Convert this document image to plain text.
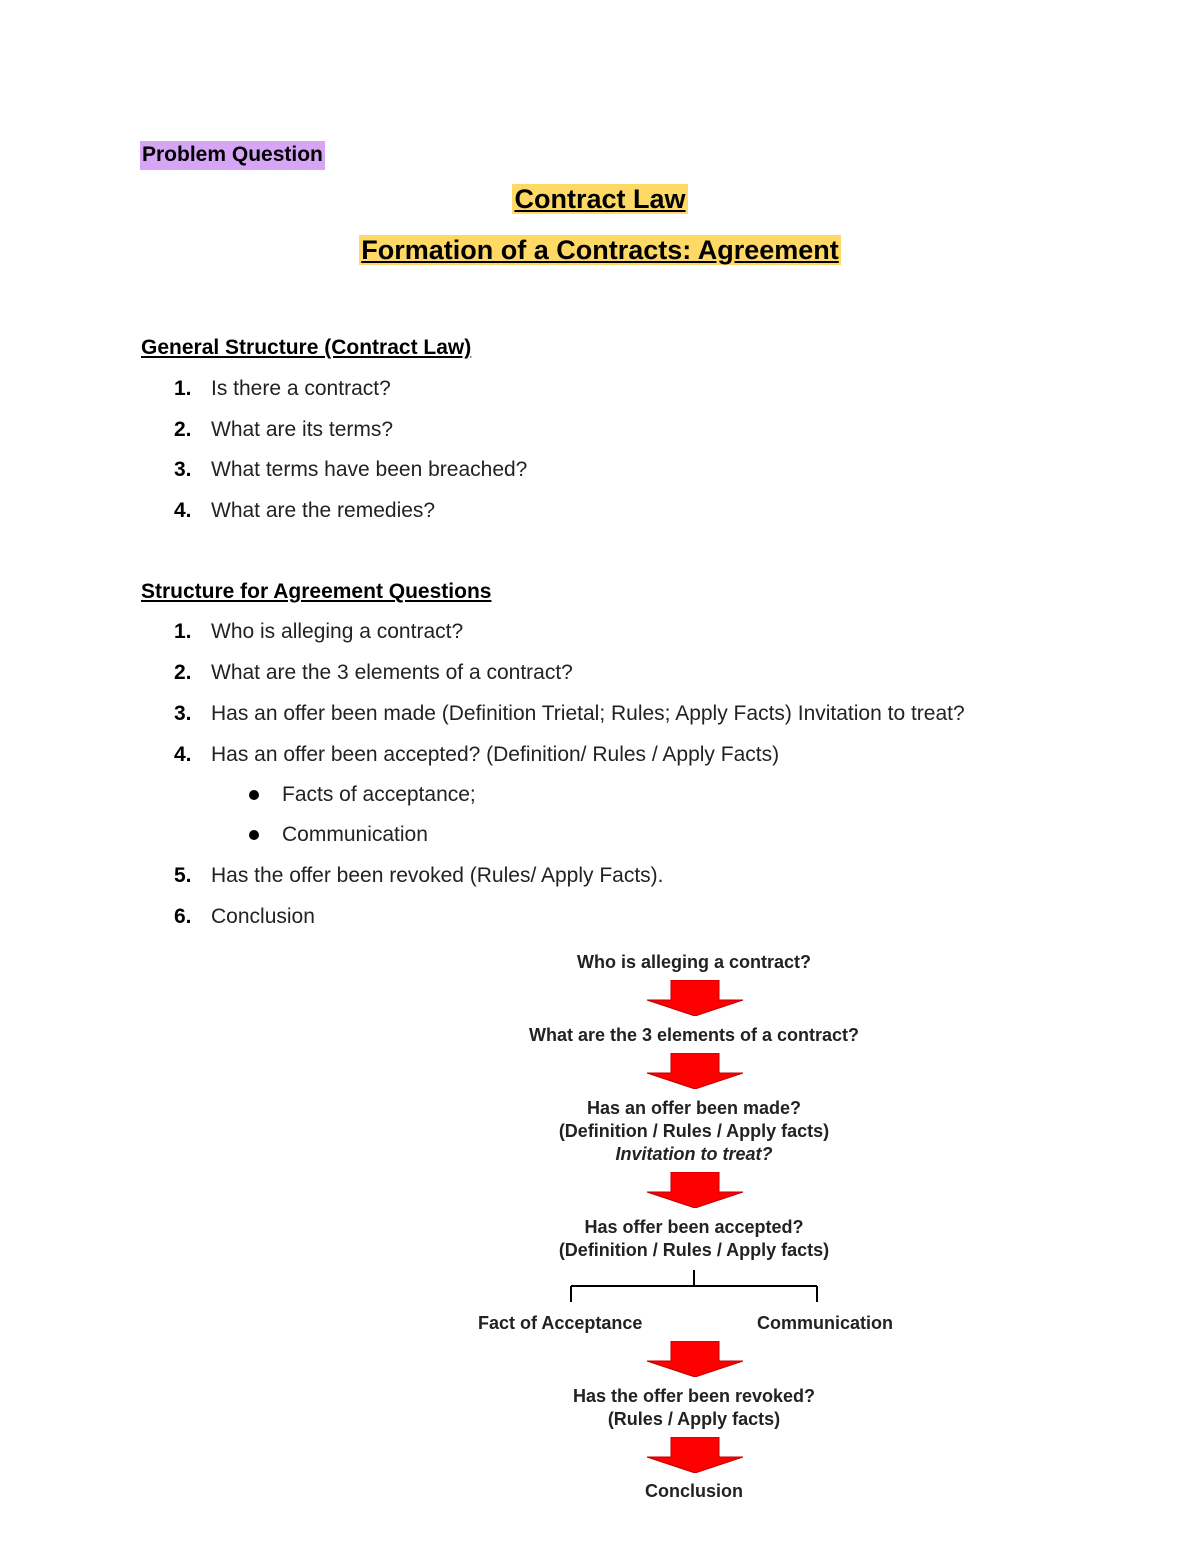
Problem Question
Contract Law
Formation of a Contracts: Agreement
General Structure (Contract Law)
1. Is there a contract?
2. What are its terms?
3. What terms have been breached?
4. What are the remedies?
Structure for Agreement Questions
1. Who is alleging a contract?
2. What are the 3 elements of a contract?
3. Has an offer been made (Definition Trietal; Rules; Apply Facts) Invitation to treat?
4. Has an offer been accepted? (Definition/ Rules / Apply Facts)
Facts of acceptance;
Communication
5. Has the offer been revoked (Rules/ Apply Facts).
6. Conclusion
Who is alleging a contract?
What are the 3 elements of a contract?
Has an offer been made?
(Definition / Rules / Apply facts)
Invitation to treat?
Has offer been accepted?
(Definition / Rules / Apply facts)
Fact of Acceptance	Communication
Has the offer been revoked?
(Rules / Apply facts)
Conclusion
